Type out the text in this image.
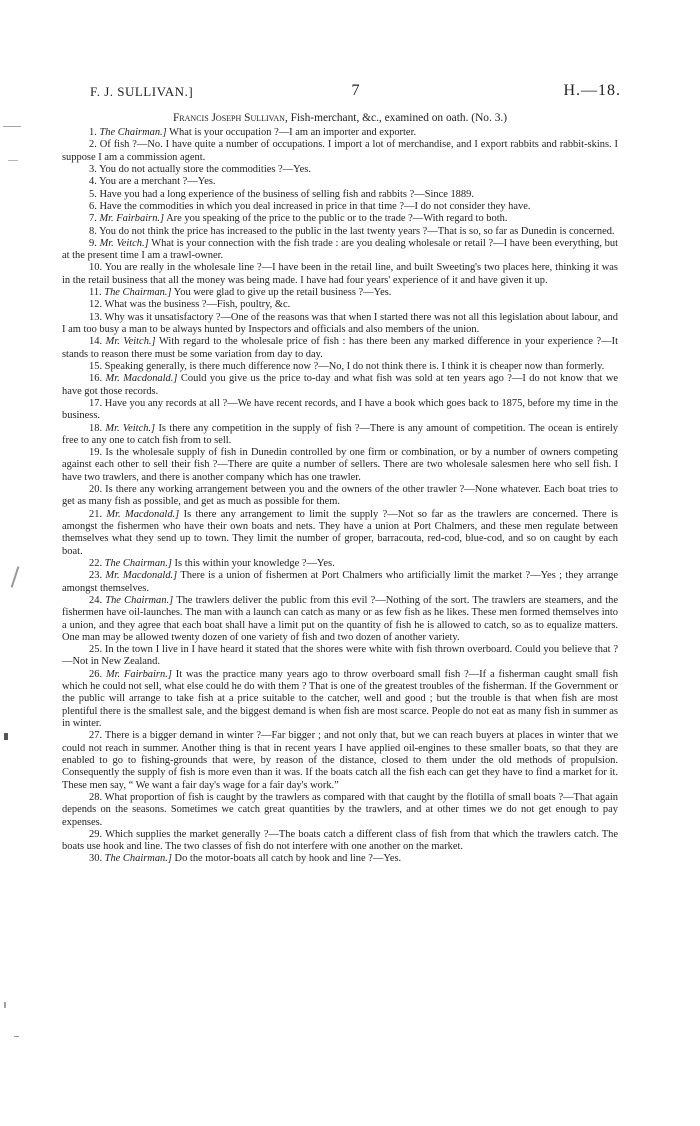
F. J. SULLIVAN.]	7	H.—18.
Francis Joseph Sullivan, Fish-merchant, &c., examined on oath. (No. 3.)

1. The Chairman.] What is your occupation ?—I am an importer and exporter.

2. Of fish ?—No. I have quite a number of occupations. I import a lot of merchandise, and I export rabbits and rabbit-skins. I suppose I am a commission agent.

3. You do not actually store the commodities ?—Yes.

4. You are a merchant ?—Yes.

5. Have you had a long experience of the business of selling fish and rabbits ?—Since 1889.

6. Have the commodities in which you deal increased in price in that time ?—I do not consider they have.

7. Mr. Fairbairn.] Are you speaking of the price to the public or to the trade ?—With regard to both.

8. You do not think the price has increased to the public in the last twenty years ?—That is so, so far as Dunedin is concerned.

9. Mr. Veitch.] What is your connection with the fish trade : are you dealing wholesale or retail ?—I have been everything, but at the present time I am a trawl-owner.

10. You are really in the wholesale line ?—I have been in the retail line, and built Sweeting's two places here, thinking it was in the retail business that all the money was being made. I have had four years' experience of it and have given it up.

11. The Chairman.] You were glad to give up the retail business ?—Yes.

12. What was the business ?—Fish, poultry, &c.

13. Why was it unsatisfactory ?—One of the reasons was that when I started there was not all this legislation about labour, and I am too busy a man to be always hunted by Inspectors and officials and also members of the union.

14. Mr. Veitch.] With regard to the wholesale price of fish : has there been any marked difference in your experience ?—It stands to reason there must be some variation from day to day.

15. Speaking generally, is there much difference now ?—No, I do not think there is. I think it is cheaper now than formerly.

16. Mr. Macdonald.] Could you give us the price to-day and what fish was sold at ten years ago ?—I do not know that we have got those records.

17. Have you any records at all ?—We have recent records, and I have a book which goes back to 1875, before my time in the business.

18. Mr. Veitch.] Is there any competition in the supply of fish ?—There is any amount of competition. The ocean is entirely free to any one to catch fish from to sell.

19. Is the wholesale supply of fish in Dunedin controlled by one firm or combination, or by a number of owners competing against each other to sell their fish ?—There are quite a number of sellers. There are two wholesale salesmen here who sell fish. I have two trawlers, and there is another company which has one trawler.

20. Is there any working arrangement between you and the owners of the other trawler ?—None whatever. Each boat tries to get as many fish as possible, and get as much as possible for them.

21. Mr. Macdonald.] Is there any arrangement to limit the supply ?—Not so far as the trawlers are concerned. There is amongst the fishermen who have their own boats and nets. They have a union at Port Chalmers, and these men regulate between themselves what they send up to town. They limit the number of groper, barracouta, red-cod, blue-cod, and so on caught by each boat.

22. The Chairman.] Is this within your knowledge ?—Yes.

23. Mr. Macdonald.] There is a union of fishermen at Port Chalmers who artificially limit the market ?—Yes ; they arrange amongst themselves.

24. The Chairman.] The trawlers deliver the public from this evil ?—Nothing of the sort. The trawlers are steamers, and the fishermen have oil-launches. The man with a launch can catch as many or as few fish as he likes. These men formed themselves into a union, and they agree that each boat shall have a limit put on the quantity of fish he is allowed to catch, so as to equalize matters. One man may be allowed twenty dozen of one variety of fish and two dozen of another variety.

25. In the town I live in I have heard it stated that the shores were white with fish thrown overboard. Could you believe that ?—Not in New Zealand.

26. Mr. Fairbairn.] It was the practice many years ago to throw overboard small fish ?—If a fisherman caught small fish which he could not sell, what else could he do with them ? That is one of the greatest troubles of the fisherman. If the Government or the public will arrange to take fish at a price suitable to the catcher, well and good ; but the trouble is that when fish are most plentiful there is the smallest sale, and the biggest demand is when fish are most scarce. People do not eat as many fish in summer as in winter.

27. There is a bigger demand in winter ?—Far bigger ; and not only that, but we can reach buyers at places in winter that we could not reach in summer. Another thing is that in recent years I have applied oil-engines to these smaller boats, so that they are enabled to go to fishing-grounds that were, by reason of the distance, closed to them under the old methods of propulsion. Consequently the supply of fish is more even than it was. If the boats catch all the fish each can get they have to find a market for it. These men say, “ We want a fair day's wage for a fair day's work.”

28. What proportion of fish is caught by the trawlers as compared with that caught by the flotilla of small boats ?—That again depends on the seasons. Sometimes we catch great quantities by the trawlers, and at other times we do not get enough to pay expenses.

29. Which supplies the market generally ?—The boats catch a different class of fish from that which the trawlers catch. The boats use hook and line. The two classes of fish do not interfere with one another on the market.

30. The Chairman.] Do the motor-boats all catch by hook and line ?—Yes.
